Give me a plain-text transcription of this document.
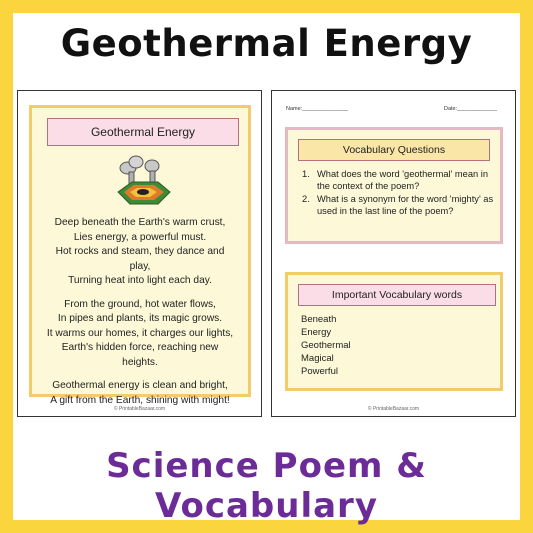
Geothermal Energy
Geothermal Energy
Deep beneath the Earth's warm crust,
Lies energy, a powerful must.
Hot rocks and steam, they dance and
play,
Turning heat into light each day.
From the ground, hot water flows,
In pipes and plants, its magic grows.
It warms our homes, it charges our lights,
Earth's hidden force, reaching new
heights.
Geothermal energy is clean and bright,
A gift from the Earth, shining with might!
© PrintableBazaar.com
Name:_______________	Date:_____________
Vocabulary Questions
1. What does the word 'geothermal' mean in the context of the poem?
2. What is a synonym for the word 'mighty' as used in the last line of the poem?
Important Vocabulary words
Beneath
Energy
Geothermal
Magical
Powerful
© PrintableBazaar.com
Science Poem & Vocabulary
